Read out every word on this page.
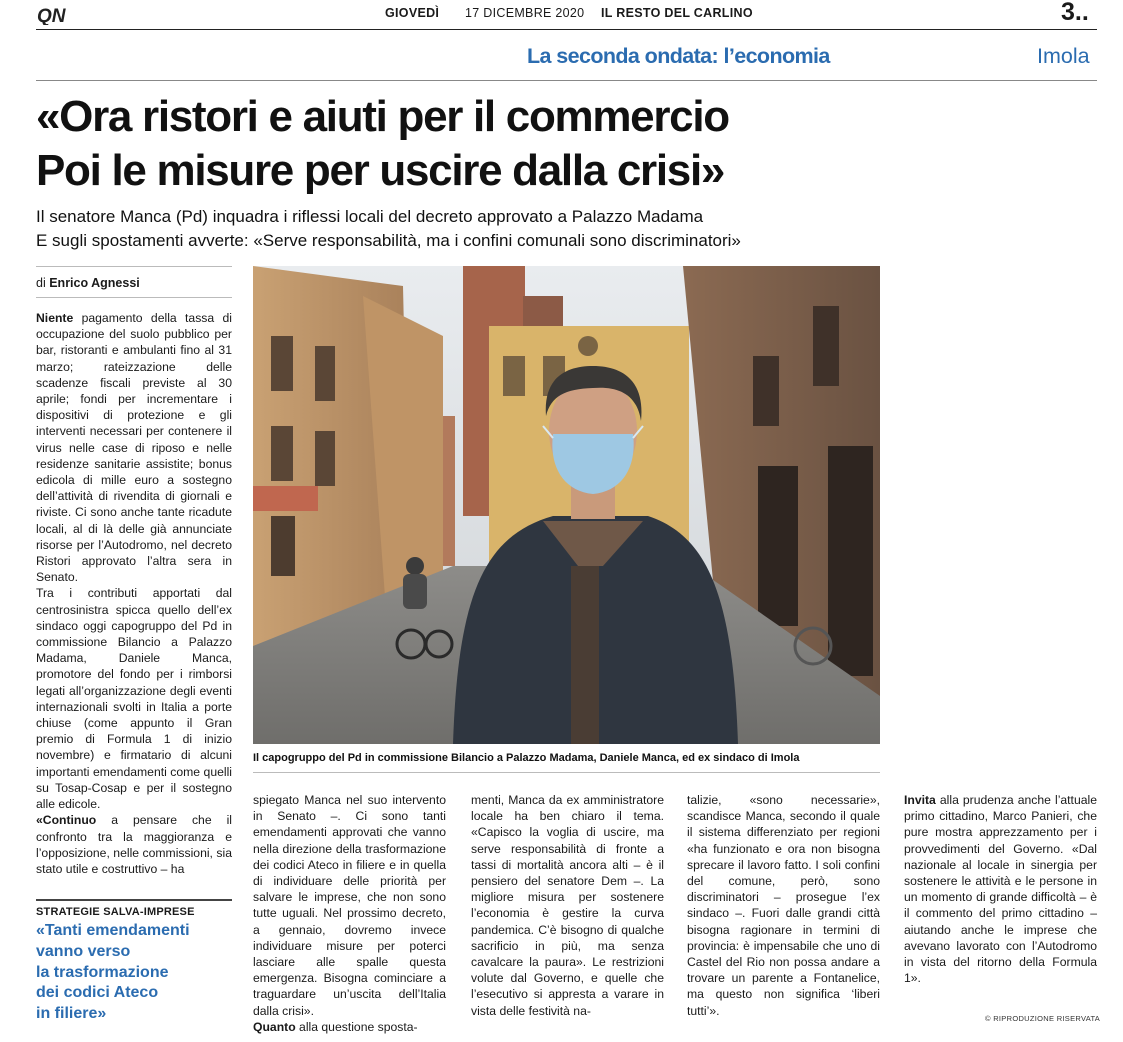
QN	GIOVEDÌ 17 DICEMBRE 2020 IL RESTO DEL CARLINO	3..
La seconda ondata: l’economia	Imola
«Ora ristori e aiuti per il commercio
Poi le misure per uscire dalla crisi»
Il senatore Manca (Pd) inquadra i riflessi locali del decreto approvato a Palazzo Madama
E sugli spostamenti avverte: «Serve responsabilità, ma i confini comunali sono discriminatori»
di Enrico Agnessi

Niente pagamento della tassa di occupazione del suolo pubblico per bar, ristoranti e ambulanti fino al 31 marzo; rateizzazione delle scadenze fiscali previste al 30 aprile; fondi per incrementare i dispositivi di protezione e gli interventi necessari per contenere il virus nelle case di riposo e nelle residenze sanitarie assistite; bonus edicola di mille euro a sostegno dell’attività di rivendita di giornali e riviste. Ci sono anche tante ricadute locali, al di là delle già annunciate risorse per l’Autodromo, nel decreto Ristori approvato l’altra sera in Senato.

Tra i contributi apportati dal centrosinistra spicca quello dell’ex sindaco oggi capogruppo del Pd in commissione Bilancio a Palazzo Madama, Daniele Manca, promotore del fondo per i rimborsi legati all’organizzazione degli eventi internazionali svolti in Italia a porte chiuse (come appunto il Gran premio di Formula 1 di inizio novembre) e firmatario di alcuni importanti emendamenti come quelli su Tosap-Cosap e per il sostegno alle edicole.

«Continuo a pensare che il confronto tra la maggioranza e l’opposizione, nelle commissioni, sia stato utile e costruttivo – ha

STRATEGIE SALVA-IMPRESE
«Tanti emendamenti
vanno verso
la trasformazione
dei codici Ateco
in filiere»
Il capogruppo del Pd in commissione Bilancio a Palazzo Madama, Daniele Manca, ed ex sindaco di Imola

spiegato Manca nel suo intervento in Senato –. Ci sono tanti emendamenti approvati che vanno nella direzione della trasformazione dei codici Ateco in filiere e in quella di individuare delle priorità per salvare le imprese, che non sono tutte uguali. Nel prossimo decreto, a gennaio, dovremo invece individuare misure per poterci lasciare alle spalle questa emergenza. Bisogna cominciare a traguardare un’uscita dell’Italia dalla crisi».

Quanto alla questione sposta-

menti, Manca da ex amministratore locale ha ben chiaro il tema. «Capisco la voglia di uscire, ma serve responsabilità di fronte a tassi di mortalità ancora alti – è il pensiero del senatore Dem –. La migliore misura per sostenere l’economia è gestire la curva pandemica. C’è bisogno di qualche sacrificio in più, ma senza cavalcare la paura». Le restrizioni volute dal Governo, e quelle che l’esecutivo si appresta a varare in vista delle festività na-

talizie, «sono necessarie», scandisce Manca, secondo il quale il sistema differenziato per regioni «ha funzionato e ora non bisogna sprecare il lavoro fatto. I soli confini del comune, però, sono discriminatori – prosegue l’ex sindaco –. Fuori dalle grandi città bisogna ragionare in termini di provincia: è impensabile che uno di Castel del Rio non possa andare a trovare un parente a Fontanelice, ma questo non significa ‘liberi tutti’».

Invita alla prudenza anche l’attuale primo cittadino, Marco Panieri, che pure mostra apprezzamento per i provvedimenti del Governo. «Dal nazionale al locale in sinergia per sostenere le attività e le persone in un momento di grande difficoltà – è il commento del primo cittadino – aiutando anche le imprese che avevano lavorato con l’Autodromo in vista del ritorno della Formula 1».

© RIPRODUZIONE RISERVATA
